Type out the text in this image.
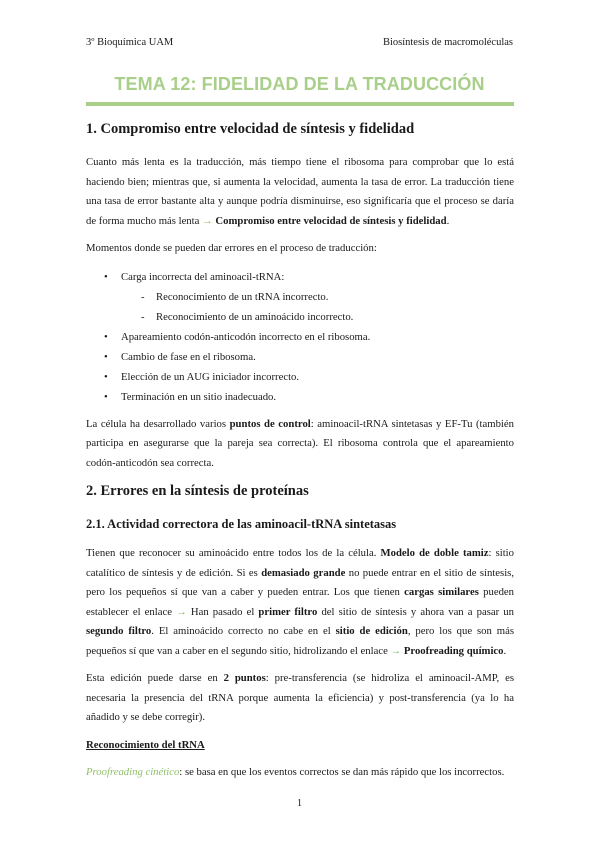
3º Bioquímica UAM	Biosíntesis de macromoléculas
TEMA 12: FIDELIDAD DE LA TRADUCCIÓN
1. Compromiso entre velocidad de síntesis y fidelidad

Cuanto más lenta es la traducción, más tiempo tiene el ribosoma para comprobar que lo está haciendo bien; mientras que, si aumenta la velocidad, aumenta la tasa de error. La traducción tiene una tasa de error bastante alta y aunque podría disminuirse, eso significaría que el proceso se daría de forma mucho más lenta → Compromiso entre velocidad de síntesis y fidelidad.

Momentos donde se pueden dar errores en el proceso de traducción:

• Carga incorrecta del aminoacil-tRNA:
- Reconocimiento de un tRNA incorrecto.
- Reconocimiento de un aminoácido incorrecto.
• Apareamiento codón-anticodón incorrecto en el ribosoma.
• Cambio de fase en el ribosoma.
• Elección de un AUG iniciador incorrecto.
• Terminación en un sitio inadecuado.

La célula ha desarrollado varios puntos de control: aminoacil-tRNA sintetasas y EF-Tu (también participa en asegurarse que la pareja sea correcta). El ribosoma controla que el apareamiento codón-anticodón sea correcta.

2. Errores en la síntesis de proteínas
2.1. Actividad correctora de las aminoacil-tRNA sintetasas

Tienen que reconocer su aminoácido entre todos los de la célula. Modelo de doble tamiz: sitio catalítico de síntesis y de edición. Si es demasiado grande no puede entrar en el sitio de síntesis, pero los pequeños sí que van a caber y pueden entrar. Los que tienen cargas similares pueden establecer el enlace → Han pasado el primer filtro del sitio de síntesis y ahora van a pasar un segundo filtro. El aminoácido correcto no cabe en el sitio de edición, pero los que son más pequeños sí que van a caber en el segundo sitio, hidrolizando el enlace → Proofreading químico.

Esta edición puede darse en 2 puntos: pre-transferencia (se hidroliza el aminoacil-AMP, es necesaria la presencia del tRNA porque aumenta la eficiencia) y post-transferencia (ya lo ha añadido y se debe corregir).

Reconocimiento del tRNA

Proofreading cinético: se basa en que los eventos correctos se dan más rápido que los incorrectos.

1
